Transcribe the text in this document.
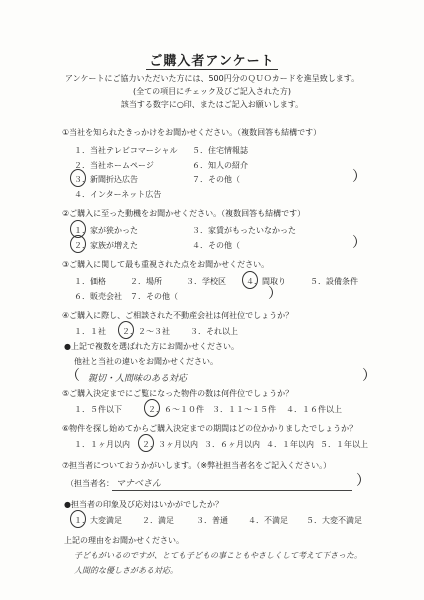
ご購入者アンケート
アンケートにご協力いただいた方には、500円分のＱＵＯカードを進呈致します。
(全ての項目にチェック及びご記入された方)
該当する数字に○印、またはご記入お願いします。
①当社を知られたきっかけをお聞かせください。（複数回答も結構です）
１．当社テレビコマーシャル ５．住宅情報誌
２．当社ホームページ	６．知人の紹介
３．新聞折込広告	７．その他（	）
４．インターネット広告
②ご購入に至った動機をお聞かせください。（複数回答も結構です）
１．家が狭かった	３．家賃がもったいなかった
２．家族が増えた	４．その他（	）
③ご購入に関して最も重視された点をお聞かせください。
１．価格	２．場所	３．学校区	４．間取り	５．設備条件
６．販売会社 ７．その他（	）
④ご購入に際し、ご相談された不動産会社は何社位でしょうか？
１．１社 ２．２～３社	３．それ以上
●上記で複数を選ばれた方にお聞かせください。
他社と当社の違いをお聞かせください。
（ 親切・人間味のある対応	）
⑤ご購入決定までにご覧になった物件の数は何件位でしょうか？
１．５件以下	２．６～１０件 ３．１１～１５件 ４．１６件以上
⑥物件を探し始めてからご購入決定までの期間はどの位かかりましたでしょうか？
１．１ヶ月以内 ２．３ヶ月以内 ３．６ヶ月以内 ４．１年以内 ５．１年以上
⑦担当者についておうかがいします。（※弊社担当者名をご記入ください。）
（担当者名： マナベさん	）
●担当者の印象及び応対はいかがでしたか？
１．大変満足	２．満足	３．普通	４．不満足 ５．大変不満足
上記の理由をお聞かせください。
子どもがいるのですが、とても子どもの事こともやさしくして考えて下さった。
人間的な優しさがある対応。
